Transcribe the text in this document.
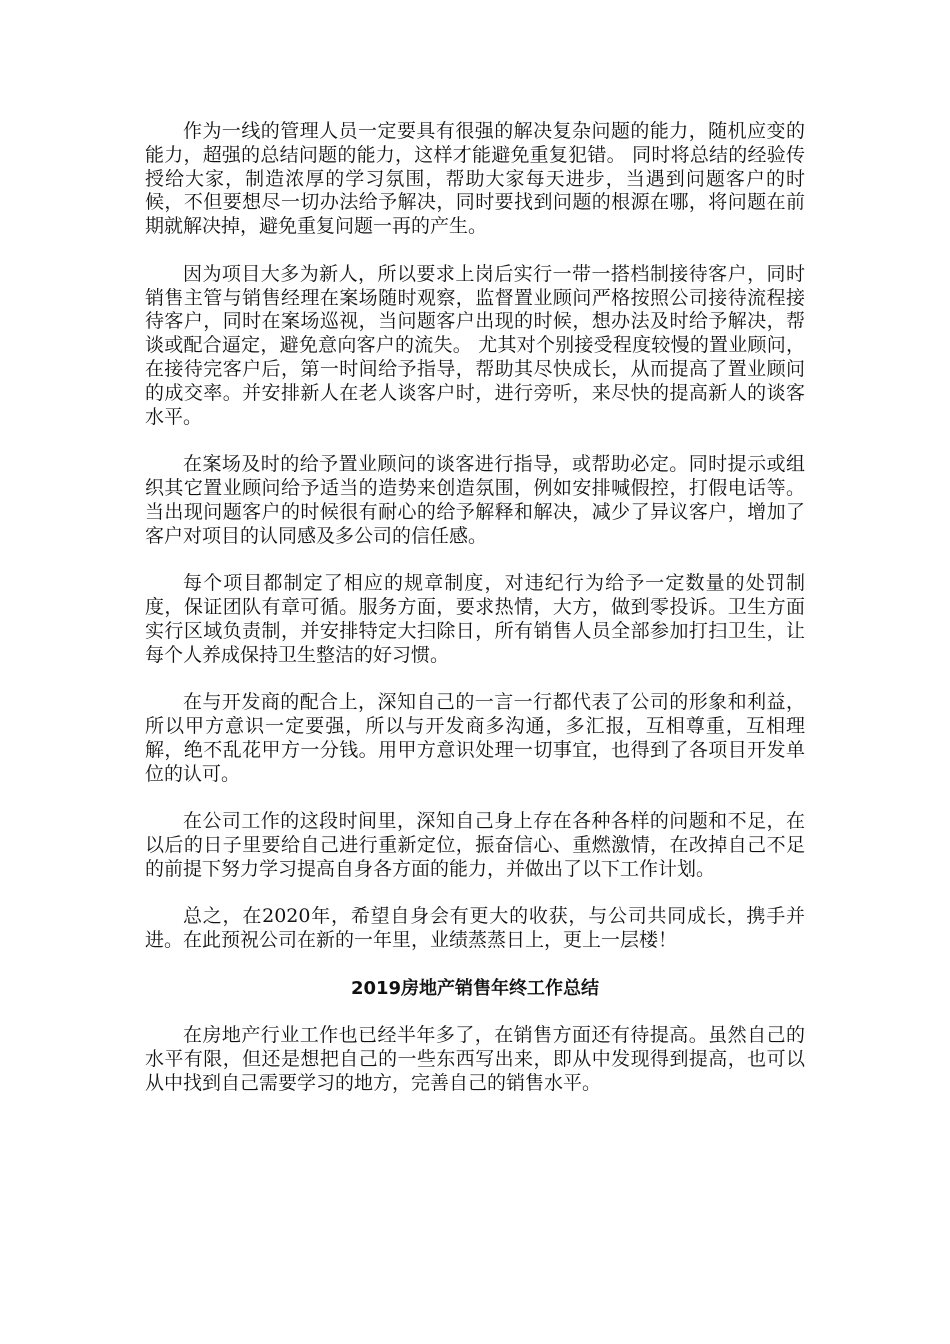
作为一线的管理人员一定要具有很强的解决复杂问题的能力，随机应变的能力，超强的总结问题的能力，这样才能避免重复犯错。 同时将总结的经验传授给大家，制造浓厚的学习氛围，帮助大家每天进步，当遇到问题客户的时候，不但要想尽一切办法给予解决，同时要找到问题的根源在哪，将问题在前期就解决掉，避免重复问题一再的产生。

因为项目大多为新人，所以要求上岗后实行一带一搭档制接待客户，同时销售主管与销售经理在案场随时观察，监督置业顾问严格按照公司接待流程接待客户，同时在案场巡视，当问题客户出现的时候，想办法及时给予解决，帮谈或配合逼定，避免意向客户的流失。 尤其对个别接受程度较慢的置业顾问，在接待完客户后，第一时间给予指导，帮助其尽快成长，从而提高了置业顾问的成交率。并安排新人在老人谈客户时，进行旁听，来尽快的提高新人的谈客水平。

在案场及时的给予置业顾问的谈客进行指导，或帮助必定。同时提示或组织其它置业顾问给予适当的造势来创造氛围，例如安排喊假控，打假电话等。当出现问题客户的时候很有耐心的给予解释和解决，减少了异议客户，增加了客户对项目的认同感及多公司的信任感。

每个项目都制定了相应的规章制度，对违纪行为给予一定数量的处罚制度，保证团队有章可循。服务方面，要求热情，大方，做到零投诉。卫生方面实行区域负责制，并安排特定大扫除日，所有销售人员全部参加打扫卫生，让每个人养成保持卫生整洁的好习惯。

在与开发商的配合上，深知自己的一言一行都代表了公司的形象和利益，所以甲方意识一定要强，所以与开发商多沟通，多汇报，互相尊重，互相理解，绝不乱花甲方一分钱。用甲方意识处理一切事宜，也得到了各项目开发单位的认可。

在公司工作的这段时间里，深知自己身上存在各种各样的问题和不足，在以后的日子里要给自己进行重新定位，振奋信心、重燃激情，在改掉自己不足的前提下努力学习提高自身各方面的能力，并做出了以下工作计划。

总之，在2020年，希望自身会有更大的收获，与公司共同成长，携手并进。在此预祝公司在新的一年里，业绩蒸蒸日上，更上一层楼！

2019房地产销售年终工作总结

在房地产行业工作也已经半年多了，在销售方面还有待提高。虽然自己的水平有限，但还是想把自己的一些东西写出来，即从中发现得到提高，也可以从中找到自己需要学习的地方，完善自己的销售水平。
